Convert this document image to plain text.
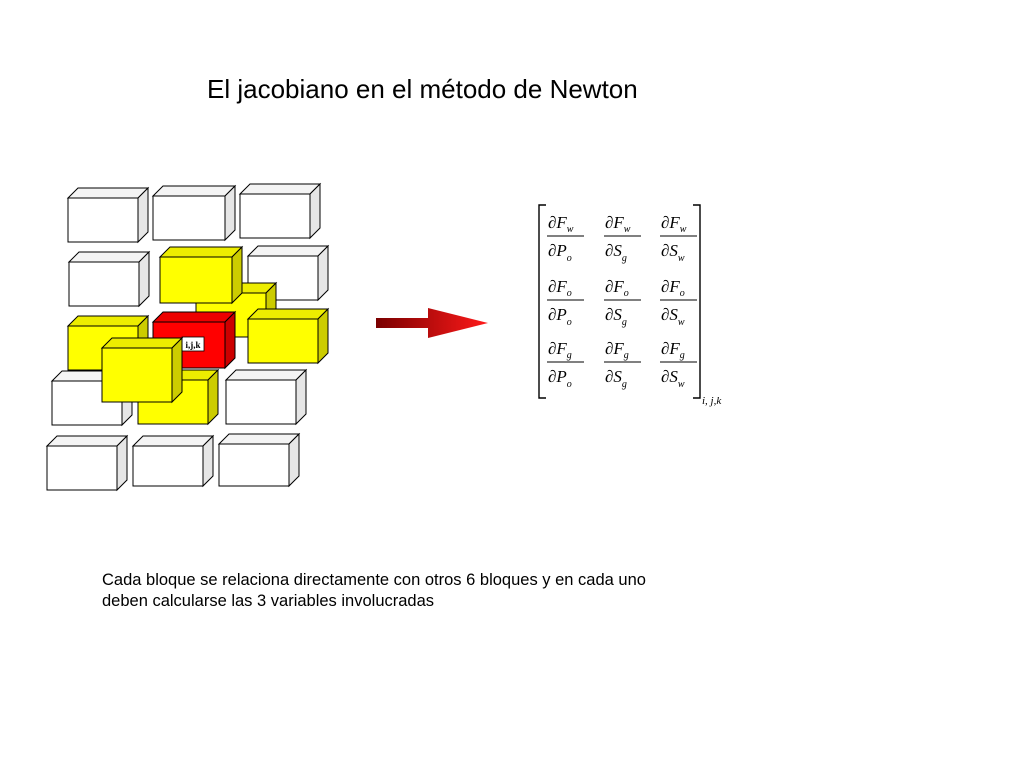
El jacobiano en el método de Newton
i,j,k
$\partial F_w$
$\partial P_o$
$\partial F_w$
$\partial S_g$
$\partial F_w$
$\partial S_w$
$\partial F_o$
$\partial P_o$
$\partial F_o$
$\partial S_g$
$\partial F_o$
$\partial S_w$
$\partial F_g$
$\partial P_o$
$\partial F_g$
$\partial S_g$
$\partial F_g$
$\partial S_w$
i, j,k
Cada bloque se relaciona directamente con otros 6 bloques y en cada uno
deben calcularse las 3 variables involucradas
